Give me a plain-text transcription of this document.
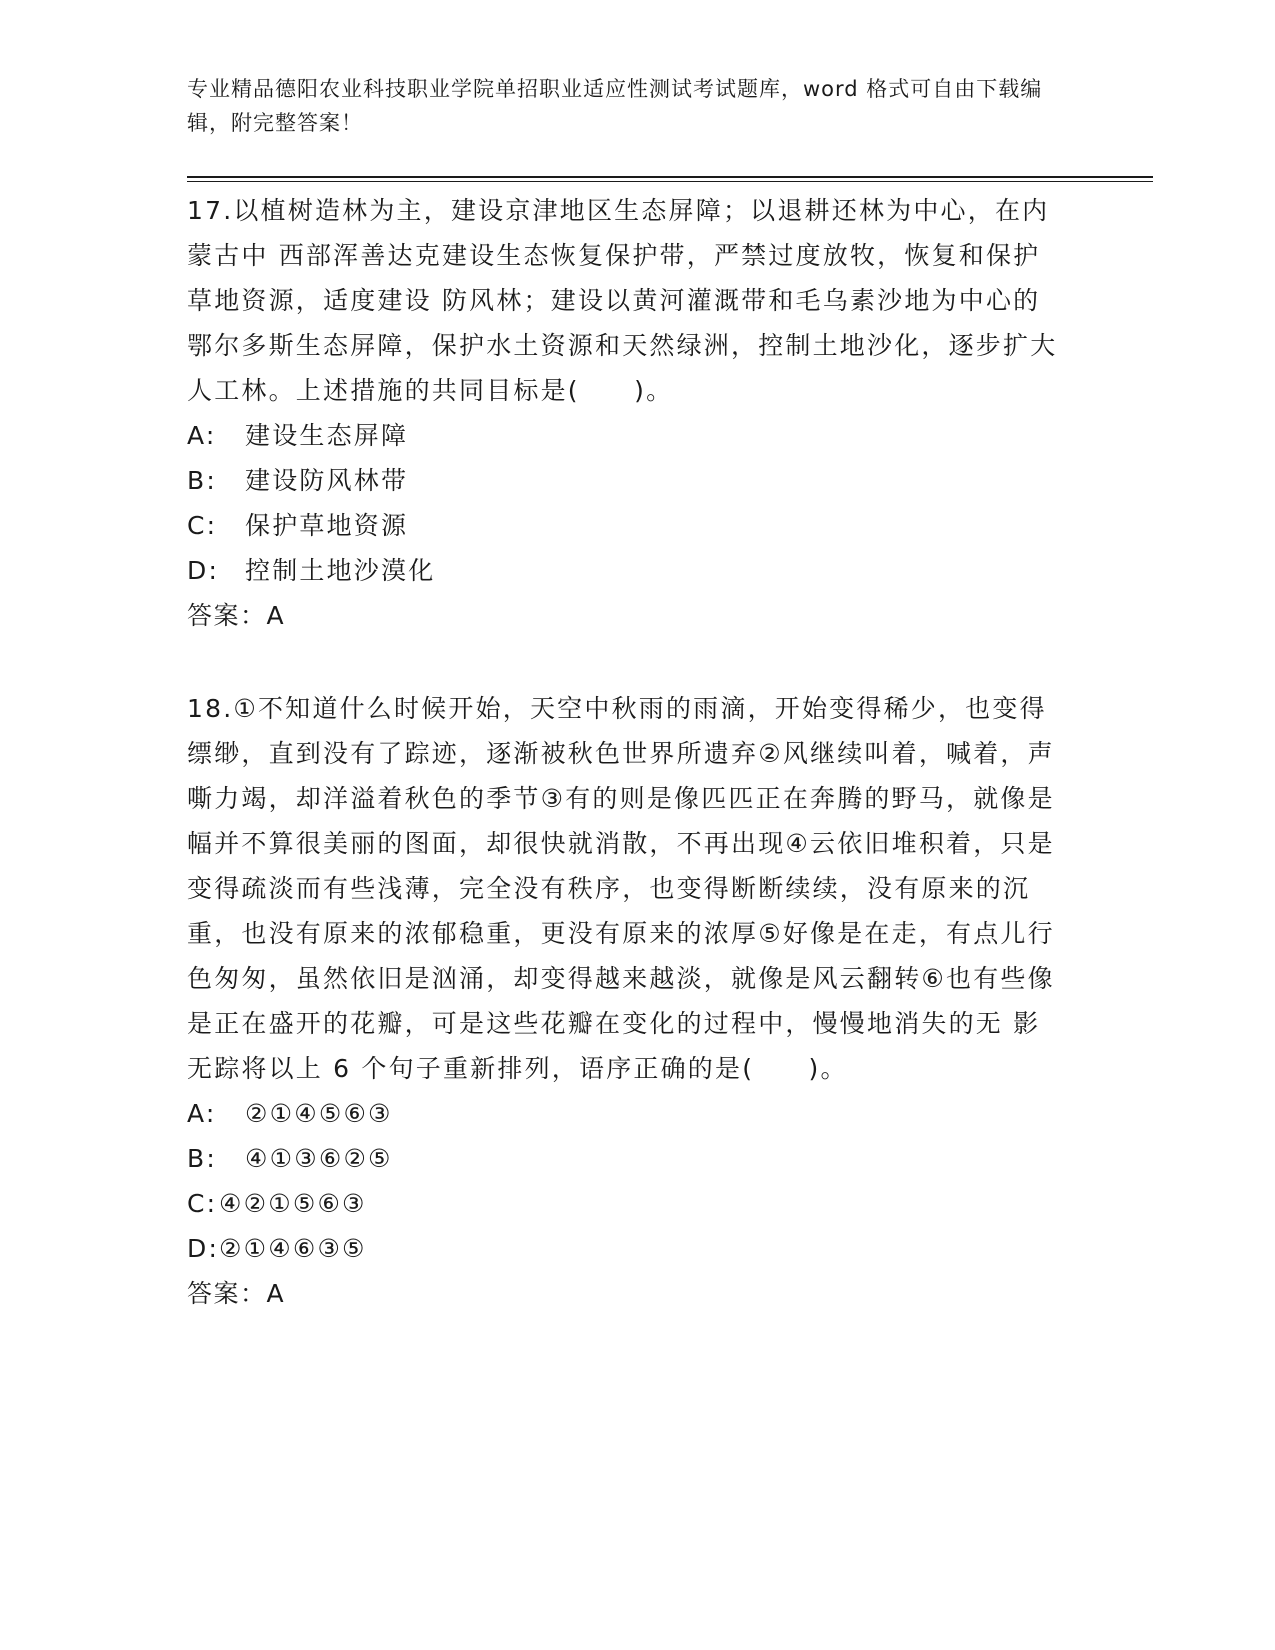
专业精品德阳农业科技职业学院单招职业适应性测试考试题库，word 格式可自由下载编辑，附完整答案！

17.以植树造林为主，建设京津地区生态屏障；以退耕还林为中心，在内蒙古中 西部浑善达克建设生态恢复保护带，严禁过度放牧，恢复和保护草地资源，适度建设 防风林；建设以黄河灌溉带和毛乌素沙地为中心的鄂尔多斯生态屏障，保护水土资源和天然绿洲，控制土地沙化，逐步扩大人工林。上述措施的共同目标是(　　)。

A:	建设生态屏障
B:	建设防风林带
C:	保护草地资源
D:	控制土地沙漠化

答案：A

18.①不知道什么时候开始，天空中秋雨的雨滴，开始变得稀少，也变得缥缈，直到没有了踪迹，逐渐被秋色世界所遗弃②风继续叫着，喊着，声嘶力竭，却洋溢着秋色的季节③有的则是像匹匹正在奔腾的野马，就像是幅并不算很美丽的图面，却很快就消散，不再出现④云依旧堆积着，只是变得疏淡而有些浅薄，完全没有秩序，也变得断断续续，没有原来的沉重，也没有原来的浓郁稳重，更没有原来的浓厚⑤好像是在走，有点儿行色匆匆，虽然依旧是汹涌，却变得越来越淡，就像是风云翻转⑥也有些像是正在盛开的花瓣，可是这些花瓣在变化的过程中，慢慢地消失的无 影无踪将以上 6 个句子重新排列，语序正确的是(　　)。

A:	②①④⑤⑥③
B:	④①③⑥②⑤
C: ④②①⑤⑥③
D: ②①④⑥③⑤

答案：A
